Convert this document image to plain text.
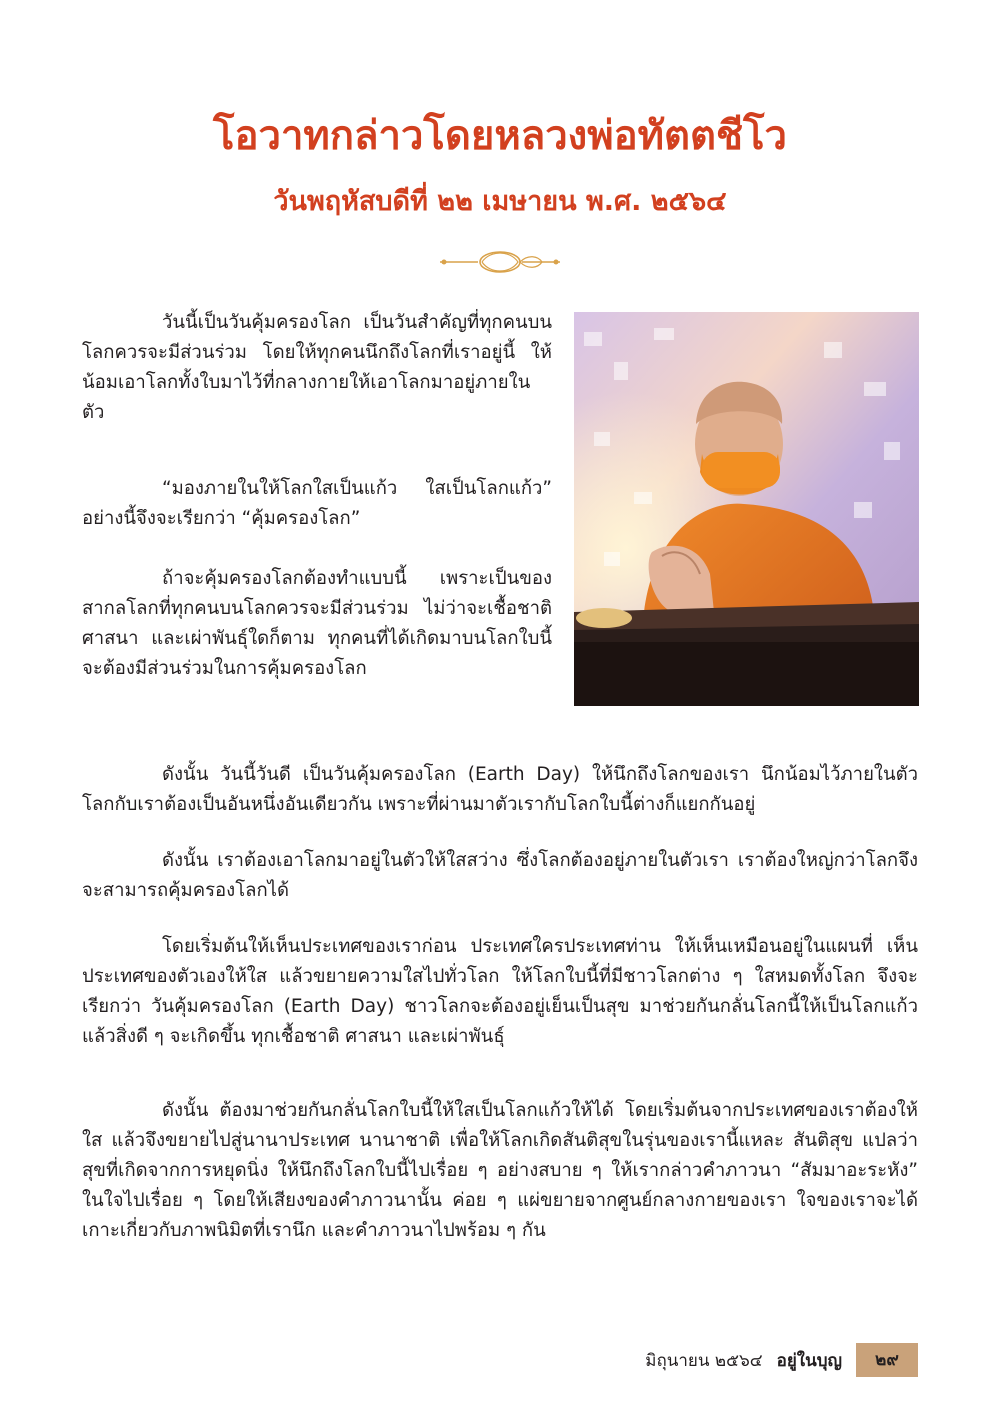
โอวาทกล่าวโดยหลวงพ่อทัตตชีโว
วันพฤหัสบดีที่ ๒๒ เมษายน พ.ศ. ๒๕๖๔

วันนี้เป็นวันคุ้มครองโลก เป็นวันสำคัญที่ทุกคนบนโลกควรจะมีส่วนร่วม โดยให้ทุกคนนึกถึงโลกที่เราอยู่นี้ ให้น้อมเอาโลกทั้งใบมาไว้ที่กลางกายให้เอาโลกมาอยู่ภายในตัว

“มองภายในให้โลกใสเป็นแก้ว ใสเป็นโลกแก้ว” อย่างนี้จึงจะเรียกว่า “คุ้มครองโลก”

ถ้าจะคุ้มครองโลกต้องทำแบบนี้ เพราะเป็นของสากลโลกที่ทุกคนบนโลกควรจะมีส่วนร่วม ไม่ว่าจะเชื้อชาติ ศาสนา และเผ่าพันธุ์ใดก็ตาม ทุกคนที่ได้เกิดมาบนโลกใบนี้ จะต้องมีส่วนร่วมในการคุ้มครองโลก

ดังนั้น วันนี้วันดี เป็นวันคุ้มครองโลก (Earth Day) ให้นึกถึงโลกของเรา นึกน้อมไว้ภายในตัว โลกกับเราต้องเป็นอันหนึ่งอันเดียวกัน เพราะที่ผ่านมาตัวเรากับโลกใบนี้ต่างก็แยกกันอยู่

ดังนั้น เราต้องเอาโลกมาอยู่ในตัวให้ใสสว่าง ซึ่งโลกต้องอยู่ภายในตัวเรา เราต้องใหญ่กว่าโลกจึงจะสามารถคุ้มครองโลกได้

โดยเริ่มต้นให้เห็นประเทศของเราก่อน ประเทศใครประเทศท่าน ให้เห็นเหมือนอยู่ในแผนที่ เห็นประเทศของตัวเองให้ใส แล้วขยายความใสไปทั่วโลก ให้โลกใบนี้ที่มีชาวโลกต่าง ๆ ใสหมดทั้งโลก จึงจะเรียกว่า วันคุ้มครองโลก (Earth Day) ชาวโลกจะต้องอยู่เย็นเป็นสุข มาช่วยกันกลั่นโลกนี้ให้เป็นโลกแก้ว แล้วสิ่งดี ๆ จะเกิดขึ้น ทุกเชื้อชาติ ศาสนา และเผ่าพันธุ์

ดังนั้น ต้องมาช่วยกันกลั่นโลกใบนี้ให้ใสเป็นโลกแก้วให้ได้ โดยเริ่มต้นจากประเทศของเราต้องให้ใส แล้วจึงขยายไปสู่นานาประเทศ นานาชาติ เพื่อให้โลกเกิดสันติสุขในรุ่นของเรานี้แหละ สันติสุข แปลว่า สุขที่เกิดจากการหยุดนิ่ง ให้นึกถึงโลกใบนี้ไปเรื่อย ๆ อย่างสบาย ๆ ให้เรากล่าวคำภาวนา “สัมมาอะระหัง” ในใจไปเรื่อย ๆ โดยให้เสียงของคำภาวนานั้น ค่อย ๆ แผ่ขยายจากศูนย์กลางกายของเรา ใจของเราจะได้เกาะเกี่ยวกับภาพนิมิตที่เรานึก และคำภาวนาไปพร้อม ๆ กัน

มิถุนายน ๒๕๖๔ อยู่ในบุญ	๒๙
